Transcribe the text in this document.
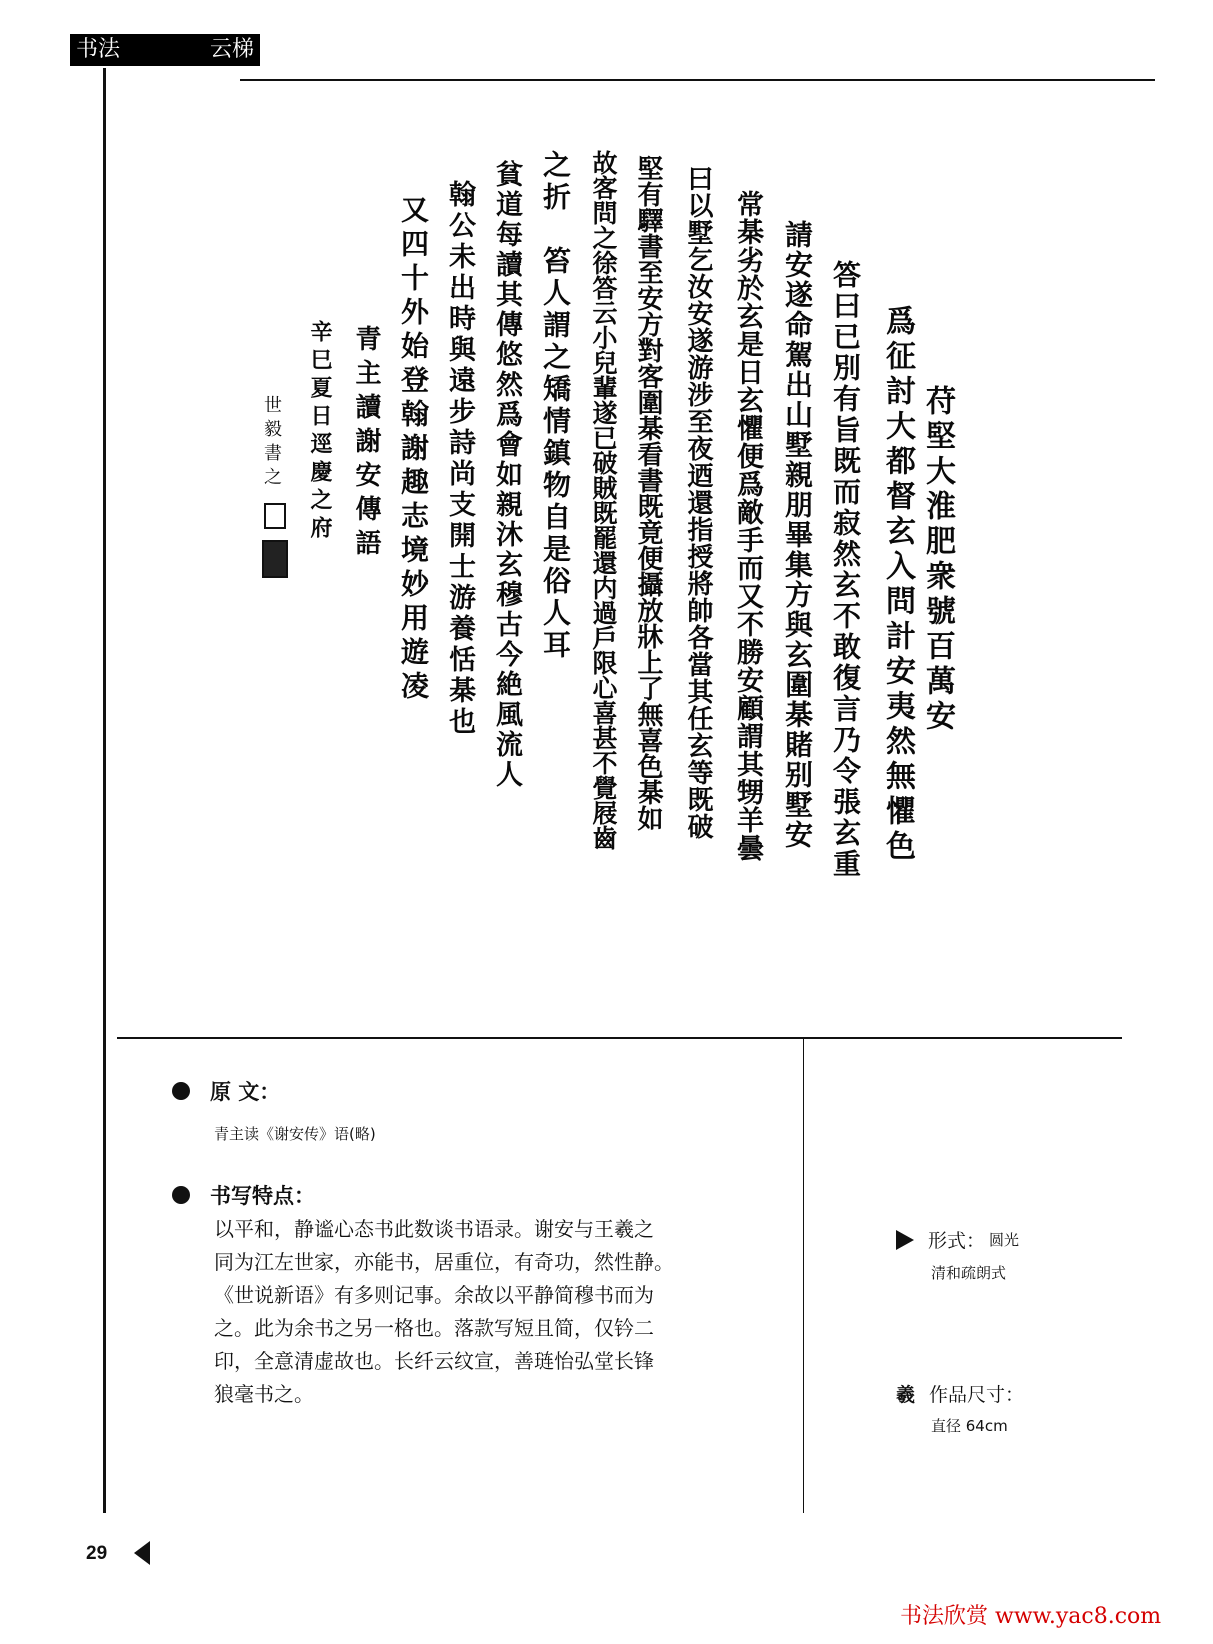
书法	云梯
苻堅大淮肥衆號百萬安
爲征討大都督玄入問計安夷然無懼色
答曰已別有旨既而寂然玄不敢復言乃令張玄重
請安遂命駕出山墅親朋畢集方與玄圍棊賭别墅安
常棊劣於玄是日玄懼便爲敵手而又不勝安顧謂其甥羊曇
曰以墅乞汝安遂游涉至夜迺還指授將帥各當其任玄等既破
堅有驛書至安方對客圍棊看書既竟便攝放牀上了無喜色棊如
故客問之徐答云小兒輩遂已破賊既罷還内過戶限心喜甚不覺屐齒
之折　笞人謂之矯情鎮物自是俗人耳
貧道每讀其傳悠然爲會如親沐玄穆古今絶風流人
翰公未出時與遠步詩尚支開士游養恬棊也
又四十外始登翰謝趣志境妙用遊凌
青主讀謝安傳語
辛巳夏日逕慶之府
世毅書之
原 文：
青主读《谢安传》语(略)
书写特点：
以平和，静谧心态书此数谈书语录。谢安与王羲之
同为江左世家，亦能书，居重位，有奇功，然性静。
《世说新语》有多则记事。余故以平静简穆书而为
之。此为余书之另一格也。落款写短且简，仅钤二
印，全意清虚故也。长纤云纹宣，善琏怡弘堂长锋
狼毫书之。
形式： 圆光
清和疏朗式
羲 作品尺寸：
直径 64cm
29
书法欣赏 www.yac8.com
